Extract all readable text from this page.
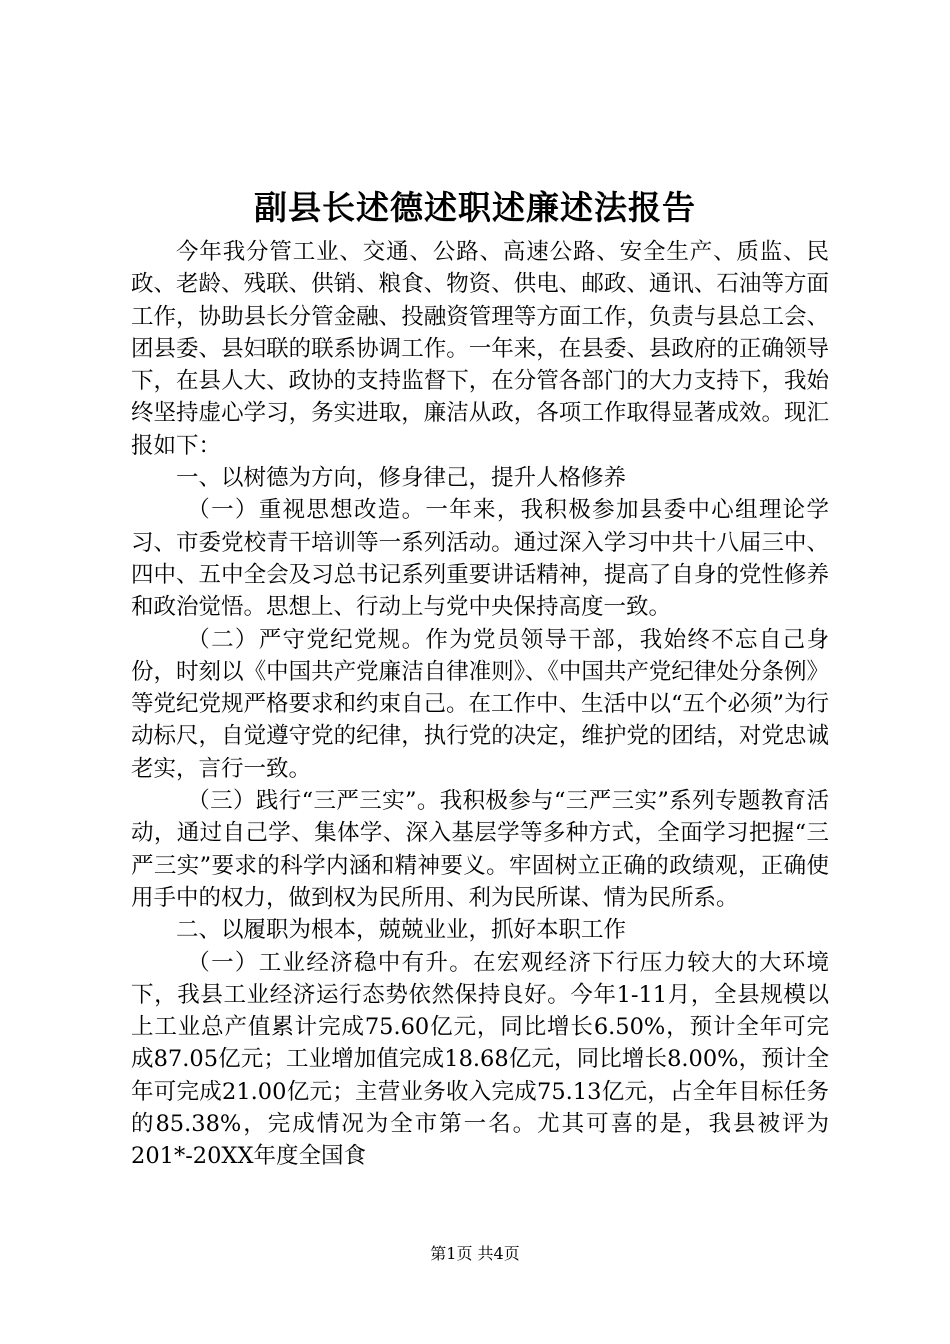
副县长述德述职述廉述法报告

今年我分管工业、交通、公路、高速公路、安全生产、质监、民政、老龄、残联、供销、粮食、物资、供电、邮政、通讯、石油等方面工作，协助县长分管金融、投融资管理等方面工作，负责与县总工会、团县委、县妇联的联系协调工作。一年来，在县委、县政府的正确领导下，在县人大、政协的支持监督下，在分管各部门的大力支持下，我始终坚持虚心学习，务实进取，廉洁从政，各项工作取得显著成效。现汇报如下：

一、以树德为方向，修身律己，提升人格修养

（一）重视思想改造。一年来，我积极参加县委中心组理论学习、市委党校青干培训等一系列活动。通过深入学习中共十八届三中、四中、五中全会及习总书记系列重要讲话精神，提高了自身的党性修养和政治觉悟。思想上、行动上与党中央保持高度一致。

（二）严守党纪党规。作为党员领导干部，我始终不忘自己身份，时刻以《中国共产党廉洁自律准则》、《中国共产党纪律处分条例》等党纪党规严格要求和约束自己。在工作中、生活中以“五个必须”为行动标尺，自觉遵守党的纪律，执行党的决定，维护党的团结，对党忠诚老实，言行一致。

（三）践行“三严三实”。我积极参与“三严三实”系列专题教育活动，通过自己学、集体学、深入基层学等多种方式，全面学习把握“三严三实”要求的科学内涵和精神要义。牢固树立正确的政绩观，正确使用手中的权力，做到权为民所用、利为民所谋、情为民所系。

二、以履职为根本，兢兢业业，抓好本职工作

（一）工业经济稳中有升。在宏观经济下行压力较大的大环境下，我县工业经济运行态势依然保持良好。今年1-11月，全县规模以上工业总产值累计完成75.60亿元，同比增长6.50%，预计全年可完成87.05亿元；工业增加值完成18.68亿元，同比增长8.00%，预计全年可完成21.00亿元；主营业务收入完成75.13亿元，占全年目标任务的85.38%，完成情况为全市第一名。尤其可喜的是，我县被评为201*-20XX年度全国食

第1页 共4页
